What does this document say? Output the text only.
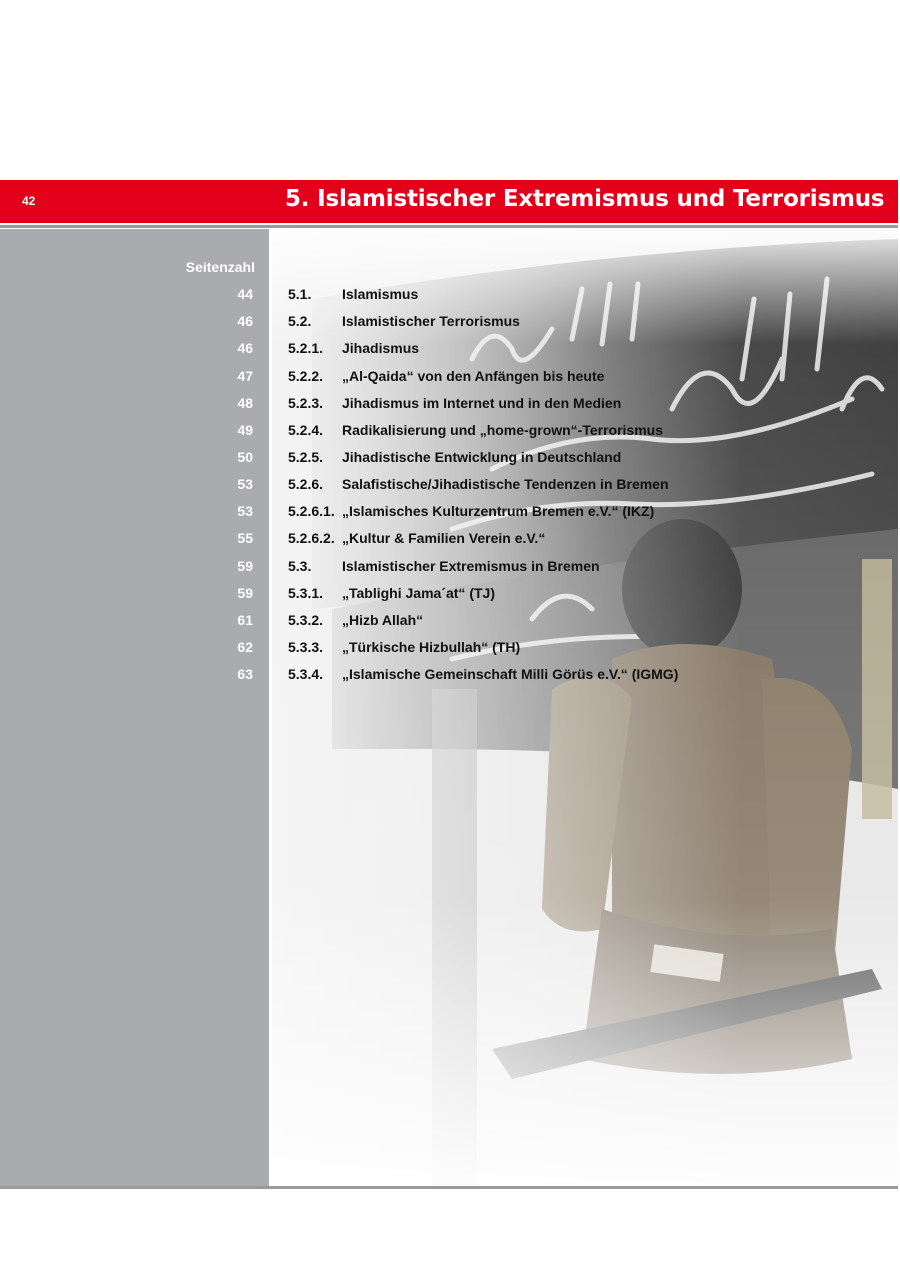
42	5. Islamistischer Extremismus und Terrorismus
Seitenzahl
44	5.1. Islamismus
46	5.2. Islamistischer Terrorismus
46	5.2.1. Jihadismus
47	5.2.2. „Al-Qaida“ von den Anfängen bis heute
48	5.2.3. Jihadismus im Internet und in den Medien
49	5.2.4. Radikalisierung und „home-grown“-Terrorismus
50	5.2.5. Jihadistische Entwicklung in Deutschland
53	5.2.6. Salafistische/Jihadistische Tendenzen in Bremen
53	5.2.6.1. „Islamisches Kulturzentrum Bremen e.V.“ (IKZ)
55	5.2.6.2. „Kultur & Familien Verein e.V.“
59	5.3. Islamistischer Extremismus in Bremen
59	5.3.1. „Tablighi Jama´at“ (TJ)
61	5.3.2. „Hizb Allah“
62	5.3.3. „Türkische Hizbullah“ (TH)
63	5.3.4. „Islamische Gemeinschaft Milli Görüs e.V.“ (IGMG)
